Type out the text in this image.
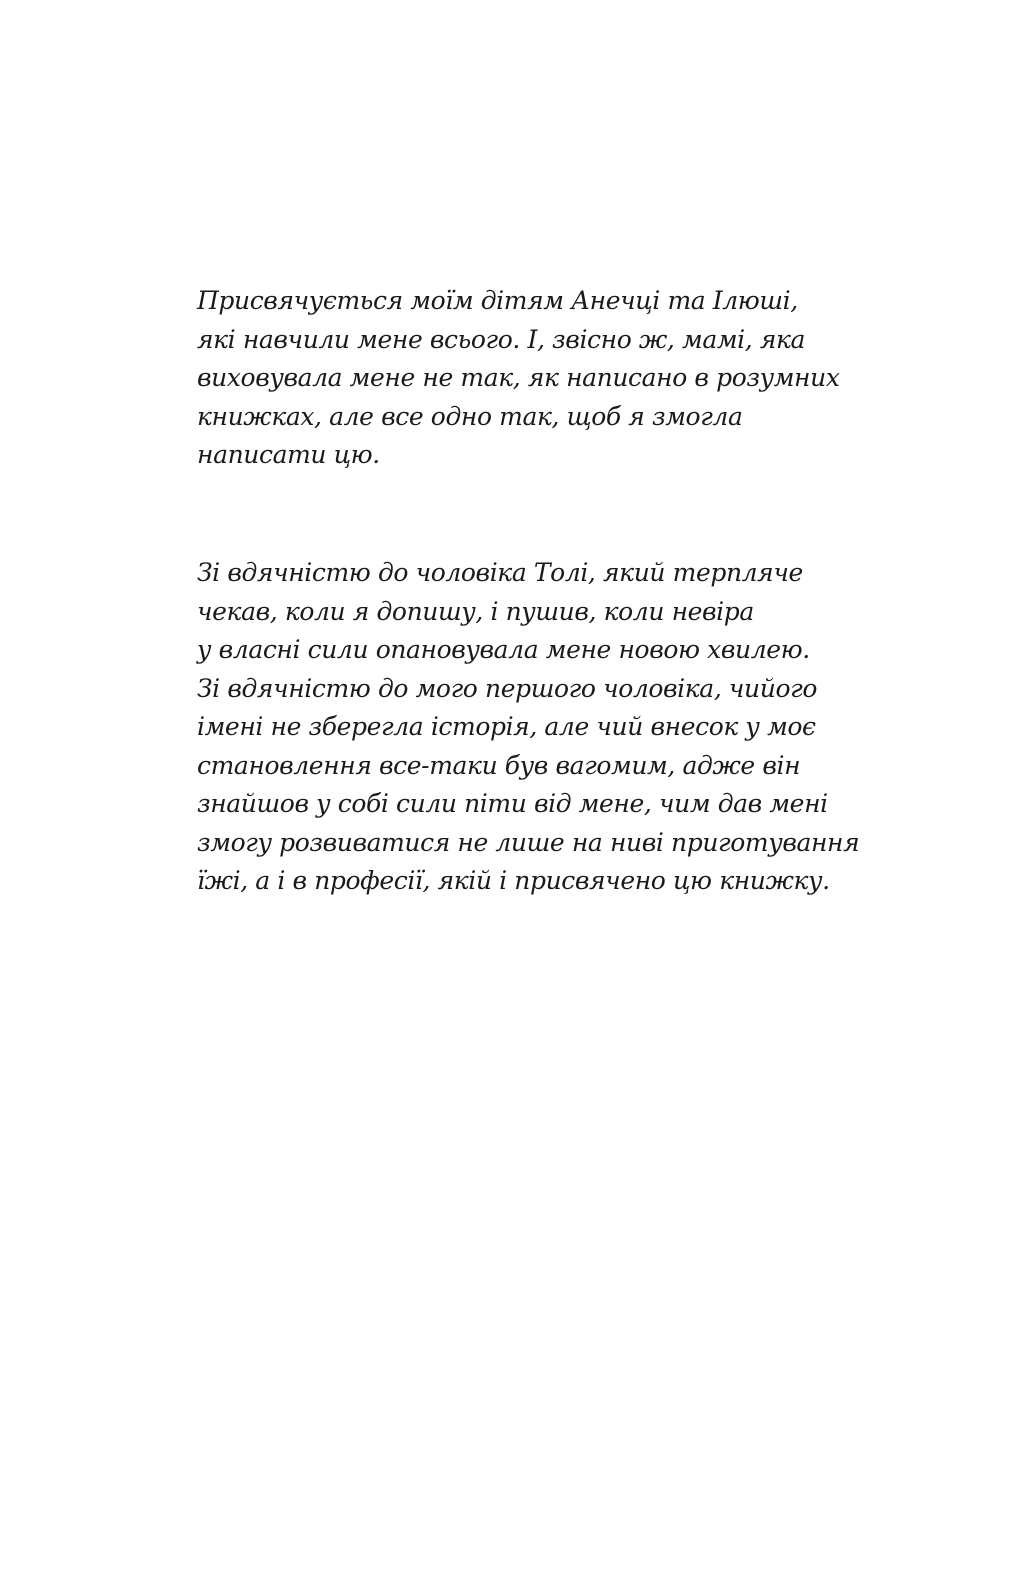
Присвячується моїм дітям Анечці та Ілюші,
які навчили мене всього. І, звісно ж, мамі, яка
виховувала мене не так, як написано в розумних
книжках, але все одно так, щоб я змогла
написати цю.

Зі вдячністю до чоловіка Толі, який терпляче
чекав, коли я допишу, і пушив, коли невіра
у власні сили опановувала мене новою хвилею.
Зі вдячністю до мого першого чоловіка, чийого
імені не зберегла історія, але чий внесок у моє
становлення все-таки був вагомим, адже він
знайшов у собі сили піти від мене, чим дав мені
змогу розвиватися не лише на ниві приготування
їжі, а і в професії, якій і присвячено цю книжку.
